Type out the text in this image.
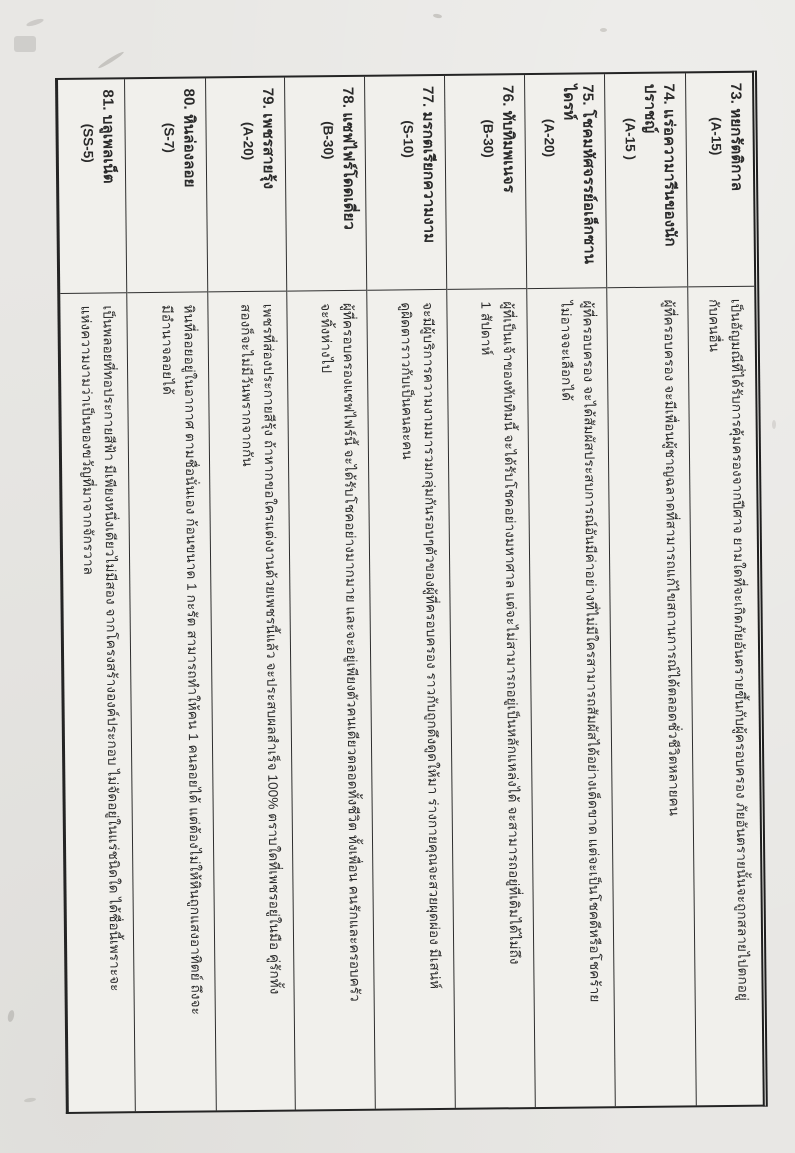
73. หยกรัตติกาล
(A-15)
เป็นอัญมณีที่ได้รับการคุ้มครองจากปีศาจ ยามใดที่จะเกิดภัยอันตรายขึ้นกับผู้ครอบครอง ภัยอันตรายนั้นจะถูกสลายไปตกอยู่
กับคนอื่น
74. แร่อความารีนของนักปราชญ์
(A-15 )
ผู้ที่ครอบครอง จะมีเพื่อนผู้ชาญฉลาดที่สามารถแก้ไขสถานการณ์ได้ตลอดชั่วชีวิตหลายคน
75. โชคมหัศจรรย์อเล็กซานไดรท์
(A-20)
ผู้ที่ครอบครอง จะได้สัมผัสประสบการณ์อันมีค่าอย่างที่ไม่มีใครสามารถสัมผัสได้อย่างเด็ดขาด แต่จะเป็นโชคดีหรือโชคร้าย
ไม่อาจจะเลือกได้
76. ทับทิมพเนจร
(B-30)
ผู้ที่เป็นเจ้าของทับทิมนี้ จะได้รับโชคอย่างมหาศาล แต่จะไม่สามารถอยู่เป็นหลักแหล่งได้ จะสามารถอยู่ที่เดิมได้ไม่ถึง
1 สัปดาห์
77. มรกตเรียกความงาม
(S-10)
จะมีผู้บริการความงามมารวมกลุ่มกันรอบๆตัวของผู้ที่ครอบครอง ราวกับถูกดึงดูดให้มา ร่างกายคุณจะสวยผุดผ่อง มีเสน่ห์
ดูผิดตาราวกับเป็นคนละคน
78. แซฟไฟร์โดดเดี่ยว
(B-30)
ผู้ที่ครอบครองแซฟไฟร์นี้ จะได้รับโชคอย่างมากมาย และจะอยู่เพียงตัวคนเดียวตลอดทั้งชีวิต ทั้งเพื่อน คนรักและครอบครัว
จะทิ้งห่างไป
79. เพชรสายรุ้ง
(A-20)
เพชรที่ส่องประกายสีรุ้ง ถ้าหากขอใครแต่งงานด้วยเพชรนี้แล้ว จะประสบผลสำเร็จ 100% ตราบใดที่เพชรอยู่ในมือ คู่รักทั้ง
สองก็จะไม่มีวันพรากจากกัน
80. หินล่องลอย
(S-7)
หินที่ลอยอยู่ในอากาศ ตามชื่อนั่นเอง ก้อนขนาด 1 กะรัต สามารถทำให้คน 1 คนลอยได้ แต่ต้องไม่ให้หินถูกแสงอาทิตย์ ถึงจะ
มีอำนาจลอยได้
81. บลูเพลเน็ต
(SS-5)
เป็นพลอยที่ทอประกายสีฟ้า มีเพียงหนึ่งเดียวไม่มีสอง จากโครงสร้างองค์ประกอบ ไม่จัดอยู่ในแร่ชนิดใด ได้ชื่อนี้เพราะจะ
แห่งความงามว่าเป็นของขวัญที่มาจากจักรวาล
